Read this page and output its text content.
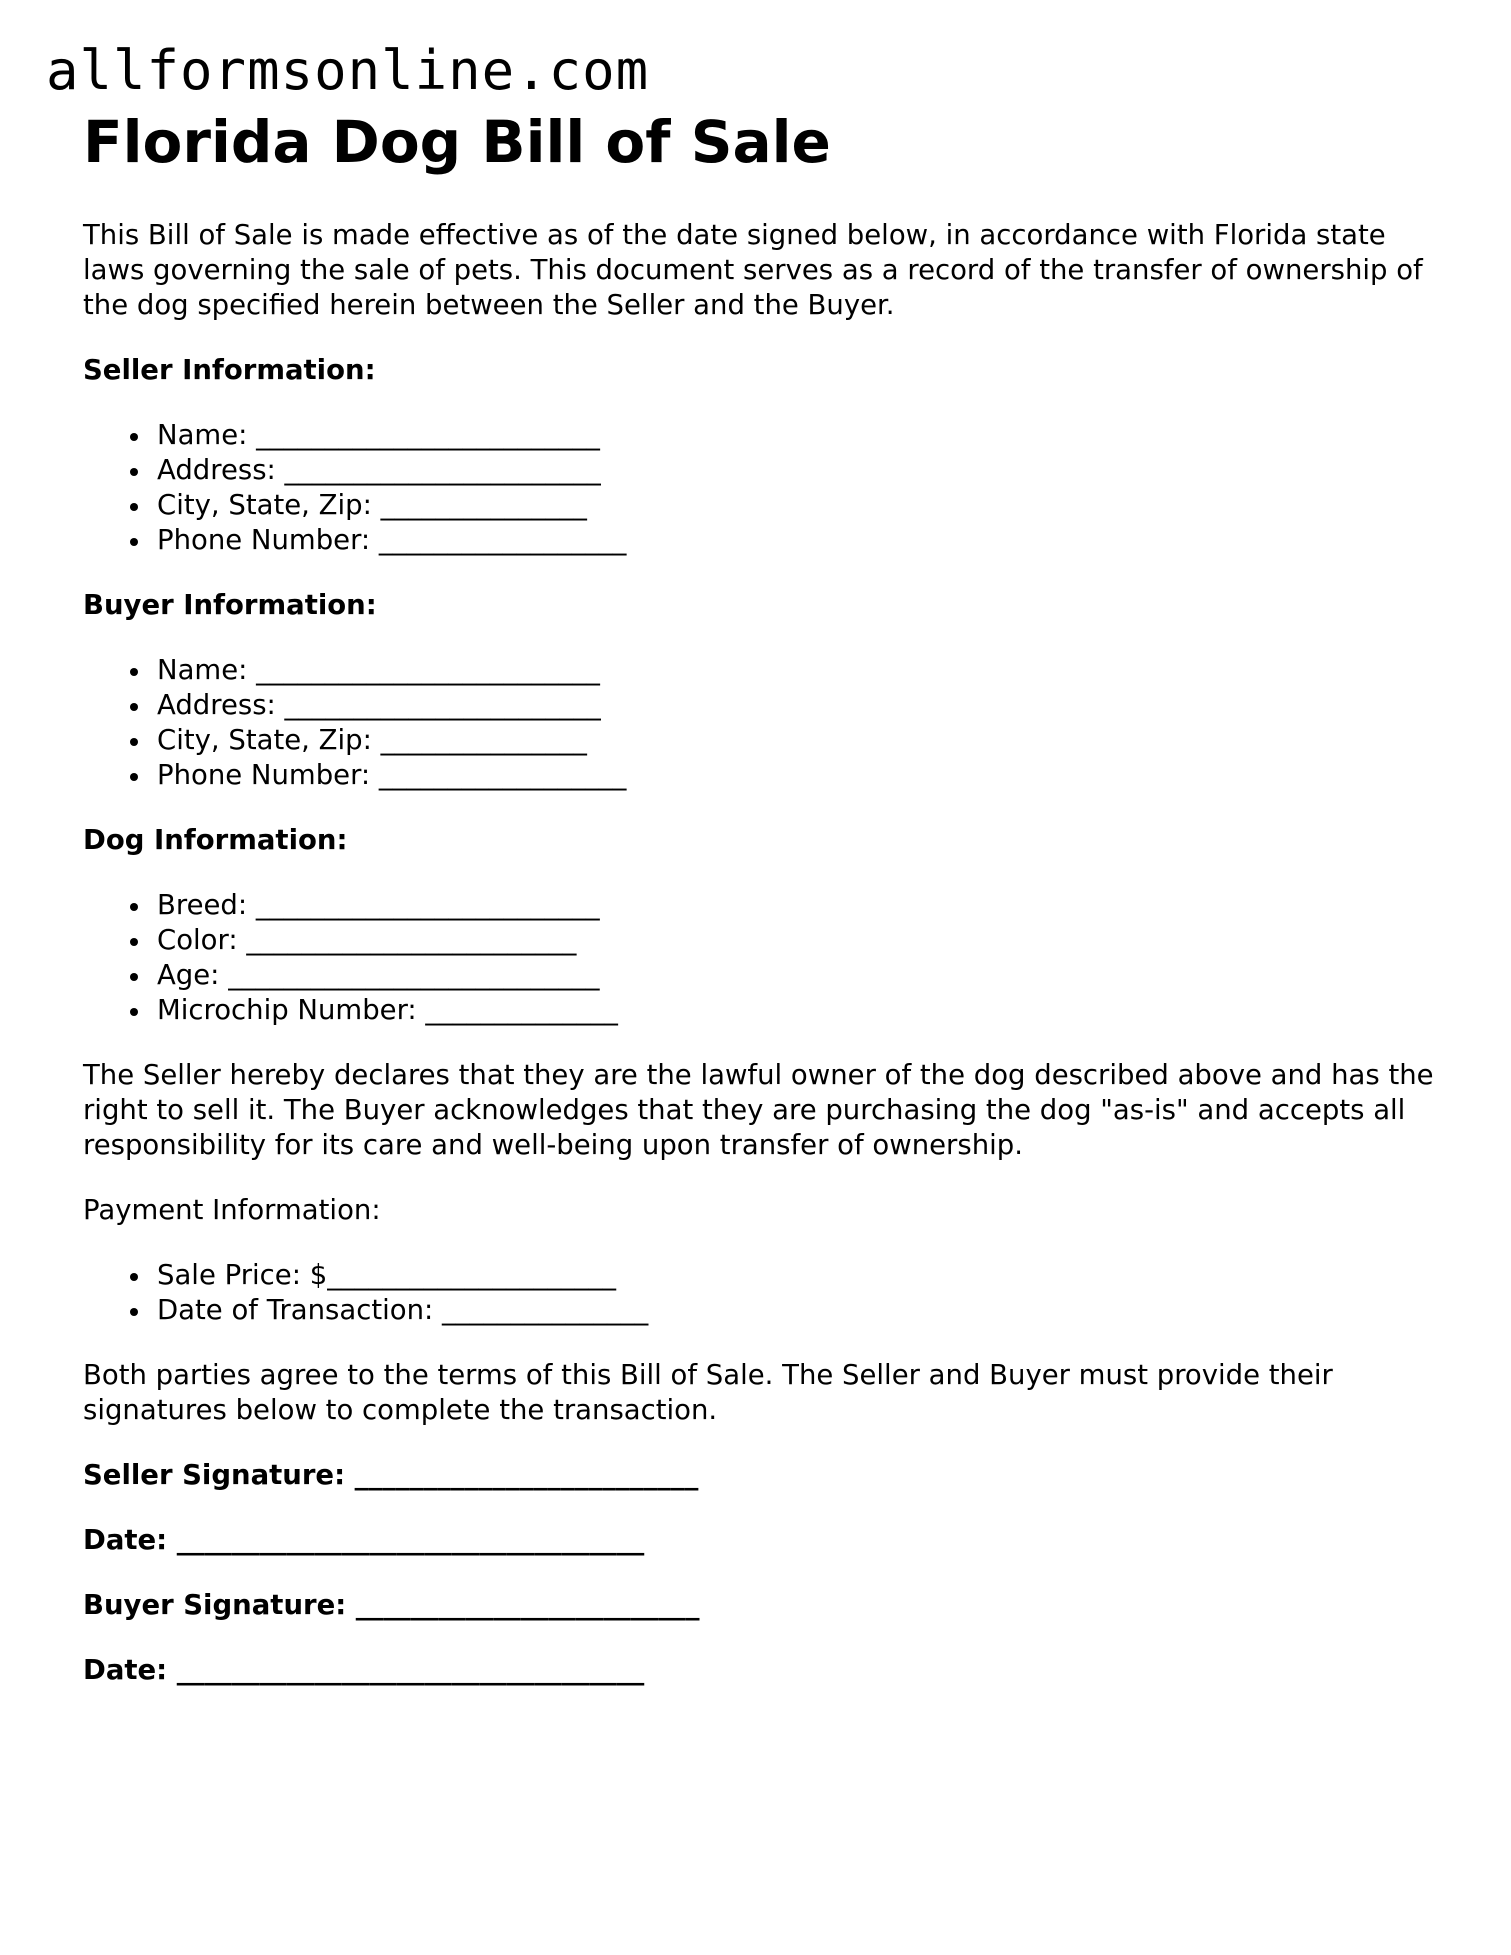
allformsonline.com
Florida Dog Bill of Sale

This Bill of Sale is made effective as of the date signed below, in accordance with Florida state laws governing the sale of pets. This document serves as a record of the transfer of ownership of the dog specified herein between the Seller and the Buyer.

Seller Information:

Name: _________________________
Address: _______________________
City, State, Zip: _______________
Phone Number: __________________

Buyer Information:

Name: _________________________
Address: _______________________
City, State, Zip: _______________
Phone Number: __________________

Dog Information:

Breed: _________________________
Color: ________________________
Age: ___________________________
Microchip Number: ______________

The Seller hereby declares that they are the lawful owner of the dog described above and has the right to sell it. The Buyer acknowledges that they are purchasing the dog "as-is" and accepts all responsibility for its care and well-being upon transfer of ownership.

Payment Information:

Sale Price: $_____________________
Date of Transaction: _______________

Both parties agree to the terms of this Bill of Sale. The Seller and Buyer must provide their signatures below to complete the transaction.

Seller Signature: _________________________

Date: __________________________________

Buyer Signature: _________________________

Date: __________________________________
